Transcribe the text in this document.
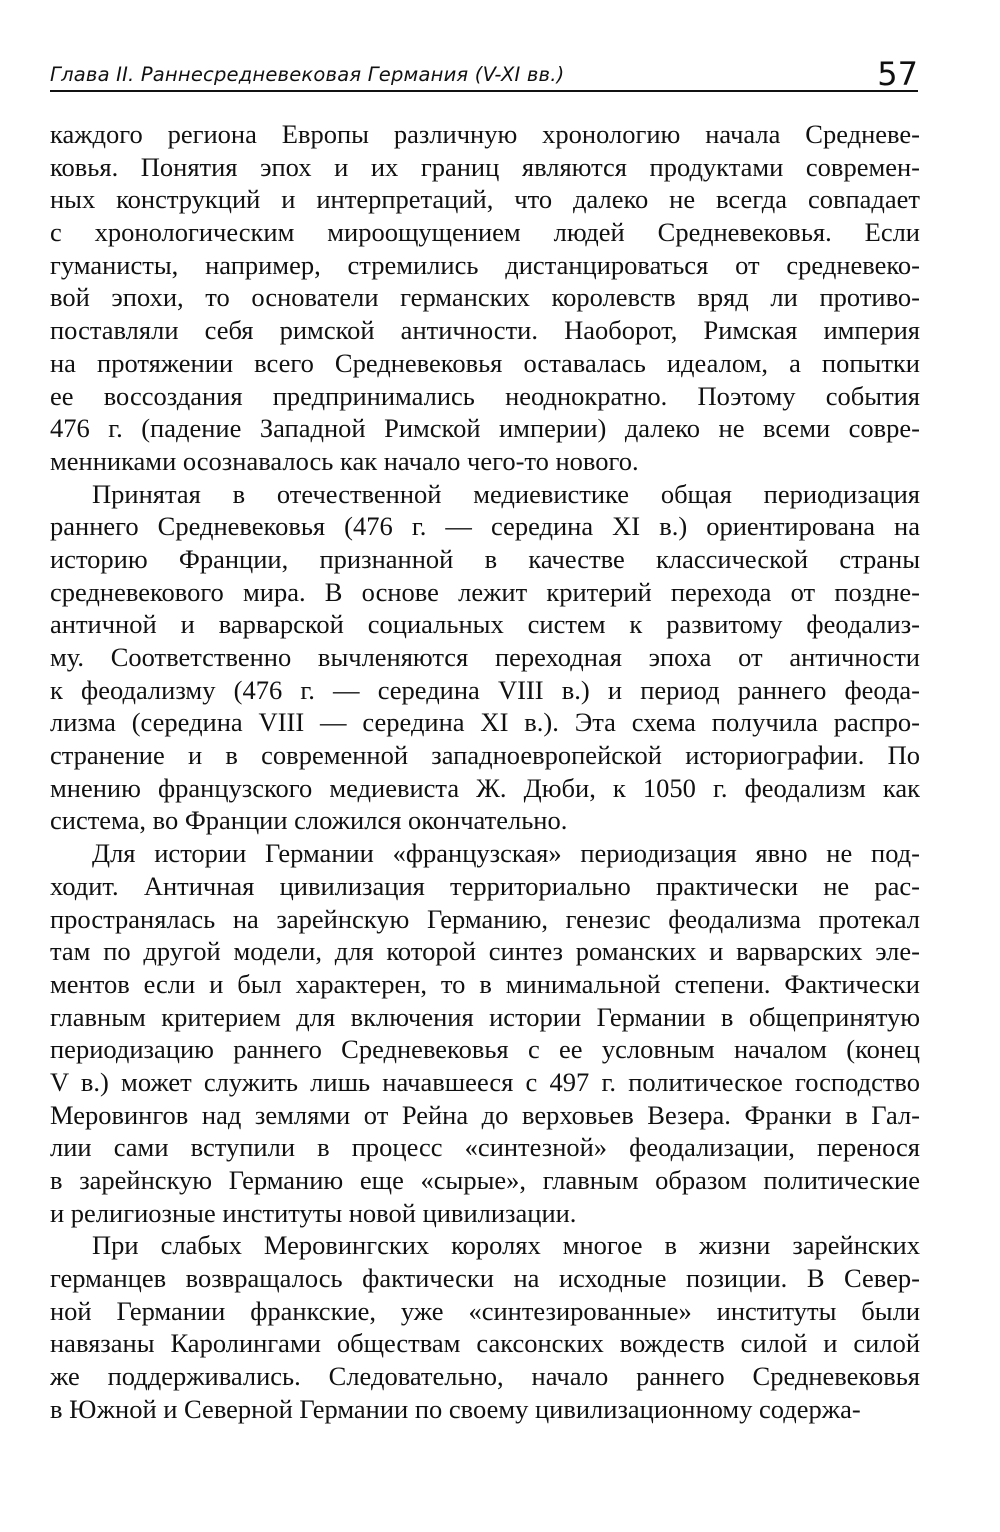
Глава II. Раннесредневековая Германия (V-XI вв.)	57
каждого региона Европы различную хронологию начала Средневе-
ковья. Понятия эпох и их границ являются продуктами современ-
ных конструкций и интерпретаций, что далеко не всегда совпадает
с хронологическим мироощущением людей Средневековья. Если
гуманисты, например, стремились дистанцироваться от средневеко-
вой эпохи, то основатели германских королевств вряд ли противо-
поставляли себя римской античности. Наоборот, Римская империя
на протяжении всего Средневековья оставалась идеалом, а попытки
ее воссоздания предпринимались неоднократно. Поэтому события
476 г. (падение Западной Римской империи) далеко не всеми совре-
менниками осознавалось как начало чего-то нового.
Принятая в отечественной медиевистике общая периодизация
раннего Средневековья (476 г. — середина XI в.) ориентирована на
историю Франции, признанной в качестве классической страны
средневекового мира. В основе лежит критерий перехода от поздне-
античной и варварской социальных систем к развитому феодализ-
му. Соответственно вычленяются переходная эпоха от античности
к феодализму (476 г. — середина VIII в.) и период раннего феода-
лизма (середина VIII — середина XI в.). Эта схема получила распро-
странение и в современной западноевропейской историографии. По
мнению французского медиевиста Ж. Дюби, к 1050 г. феодализм как
система, во Франции сложился окончательно.
Для истории Германии «французская» периодизация явно не под-
ходит. Античная цивилизация территориально практически не рас-
пространялась на зарейнскую Германию, генезис феодализма протекал
там по другой модели, для которой синтез романских и варварских эле-
ментов если и был характерен, то в минимальной степени. Фактически
главным критерием для включения истории Германии в общепринятую
периодизацию раннего Средневековья с ее условным началом (конец
V в.) может служить лишь начавшееся с 497 г. политическое господство
Меровингов над землями от Рейна до верховьев Везера. Франки в Гал-
лии сами вступили в процесс «синтезной» феодализации, перенося
в зарейнскую Германию еще «сырые», главным образом политические
и религиозные институты новой цивилизации.
При слабых Меровингских королях многое в жизни зарейнских
германцев возвращалось фактически на исходные позиции. В Север-
ной Германии франкские, уже «синтезированные» институты были
навязаны Каролингами обществам саксонских вождеств силой и силой
же поддерживались. Следовательно, начало раннего Средневековья
в Южной и Северной Германии по своему цивилизационному содержа-
